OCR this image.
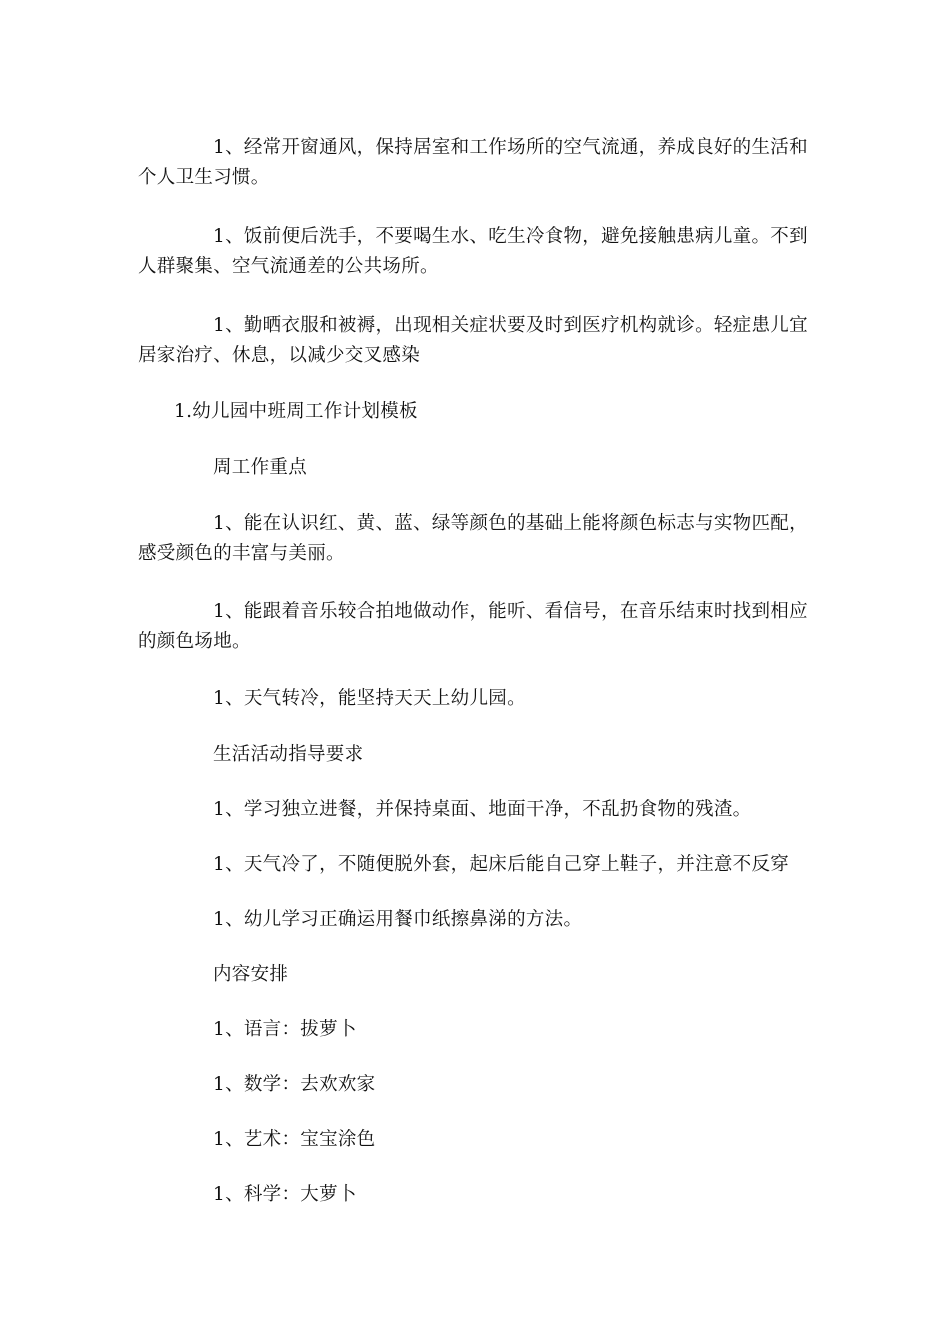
1、经常开窗通风，保持居室和工作场所的空气流通，养成良好的生活和个人卫生习惯。

1、饭前便后洗手，不要喝生水、吃生冷食物，避免接触患病儿童。不到人群聚集、空气流通差的公共场所。

1、勤晒衣服和被褥，出现相关症状要及时到医疗机构就诊。轻症患儿宜居家治疗、休息，以减少交叉感染

1.幼儿园中班周工作计划模板

周工作重点

1、能在认识红、黄、蓝、绿等颜色的基础上能将颜色标志与实物匹配，感受颜色的丰富与美丽。

1、能跟着音乐较合拍地做动作，能听、看信号，在音乐结束时找到相应的颜色场地。

1、天气转冷，能坚持天天上幼儿园。

生活活动指导要求

1、学习独立进餐，并保持桌面、地面干净，不乱扔食物的残渣。

1、天气冷了，不随便脱外套，起床后能自己穿上鞋子，并注意不反穿

1、幼儿学习正确运用餐巾纸擦鼻涕的方法。

内容安排

1、语言：拔萝卜

1、数学：去欢欢家

1、艺术：宝宝涂色

1、科学：大萝卜
